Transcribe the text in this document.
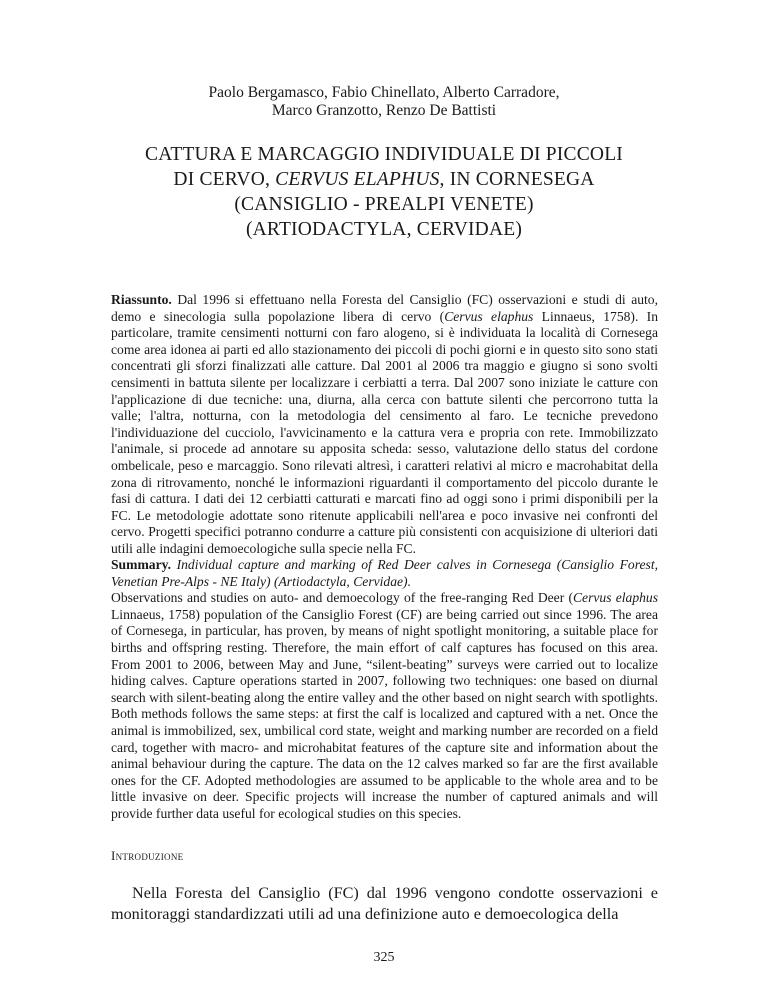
Paolo Bergamasco, Fabio Chinellato, Alberto Carradore,
Marco Granzotto, Renzo De Battisti
CATTURA E MARCAGGIO INDIVIDUALE DI PICCOLI
DI CERVO, CERVUS ELAPHUS, IN CORNESEGA
(CANSIGLIO - PREALPI VENETE)
(ARTIODACTYLA, CERVIDAE)

Riassunto. Dal 1996 si effettuano nella Foresta del Cansiglio (FC) osservazioni e studi di auto, demo e sinecologia sulla popolazione libera di cervo (Cervus elaphus Linnaeus, 1758). In particolare, tramite censimenti notturni con faro alogeno, si è individuata la località di Cornesega come area idonea ai parti ed allo stazionamento dei piccoli di pochi giorni e in questo sito sono stati concentrati gli sforzi finalizzati alle catture. Dal 2001 al 2006 tra maggio e giugno si sono svolti censimenti in battuta silente per localizzare i cerbiatti a terra. Dal 2007 sono iniziate le catture con l'applicazione di due tecniche: una, diurna, alla cerca con battute silenti che percorrono tutta la valle; l'altra, notturna, con la metodologia del censimento al faro. Le tecniche prevedono l'individuazione del cucciolo, l'avvicinamento e la cattura vera e propria con rete. Immobilizzato l'animale, si procede ad annotare su apposita scheda: sesso, valutazione dello status del cordone ombelicale, peso e marcaggio. Sono rilevati altresì, i caratteri relativi al micro e macrohabitat della zona di ritrovamento, nonché le informazioni riguardanti il comportamento del piccolo durante le fasi di cattura. I dati dei 12 cerbiatti catturati e marcati fino ad oggi sono i primi disponibili per la FC. Le metodologie adottate sono ritenute applicabili nell'area e poco invasive nei confronti del cervo. Progetti specifici potranno condurre a catture più consistenti con acquisizione di ulteriori dati utili alle indagini demoecologiche sulla specie nella FC.

Summary. Individual capture and marking of Red Deer calves in Cornesega (Cansiglio Forest, Venetian Pre-Alps - NE Italy) (Artiodactyla, Cervidae).
Observations and studies on auto- and demoecology of the free-ranging Red Deer (Cervus elaphus Linnaeus, 1758) population of the Cansiglio Forest (CF) are being carried out since 1996. The area of Cornesega, in particular, has proven, by means of night spotlight monitoring, a suitable place for births and offspring resting. Therefore, the main effort of calf captures has focused on this area. From 2001 to 2006, between May and June, “silent-beating” surveys were carried out to localize hiding calves. Capture operations started in 2007, following two techniques: one based on diurnal search with silent-beating along the entire valley and the other based on night search with spotlights. Both methods follows the same steps: at first the calf is localized and captured with a net. Once the animal is immobilized, sex, umbilical cord state, weight and marking number are recorded on a field card, together with macro- and microhabitat features of the capture site and information about the animal behaviour during the capture. The data on the 12 calves marked so far are the first available ones for the CF. Adopted methodologies are assumed to be applicable to the whole area and to be little invasive on deer. Specific projects will increase the number of captured animals and will provide further data useful for ecological studies on this species.

Introduzione

Nella Foresta del Cansiglio (FC) dal 1996 vengono condotte osservazioni e monitoraggi standardizzati utili ad una definizione auto e demoecologica della

325
